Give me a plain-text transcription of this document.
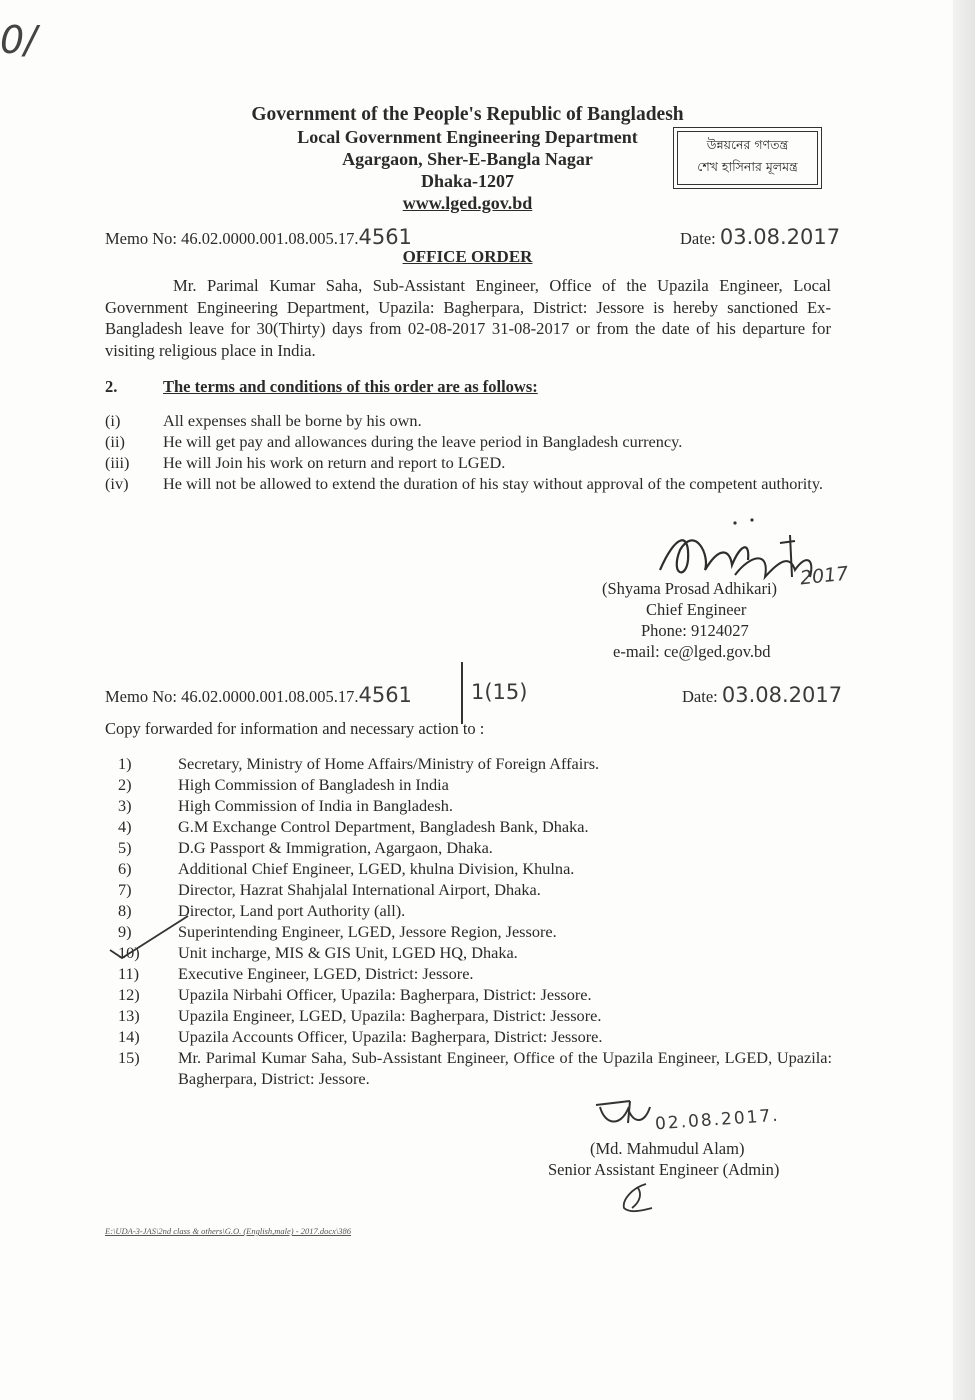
0/
Government of the People's Republic of Bangladesh
Local Government Engineering Department
Agargaon, Sher-E-Bangla Nagar
Dhaka-1207
www.lged.gov.bd
উন্নয়নের গণতন্ত্র
শেখ হাসিনার মূলমন্ত্র
Memo No: 46.02.0000.001.08.005.17.4561	Date: 03.08.2017
OFFICE ORDER

Mr. Parimal Kumar Saha, Sub-Assistant Engineer, Office of the Upazila Engineer, Local Government Engineering Department, Upazila: Bagherpara, District: Jessore is hereby sanctioned Ex-Bangladesh leave for 30(Thirty) days from 02-08-2017 31-08-2017 or from the date of his departure for visiting religious place in India.

2.	The terms and conditions of this order are as follows:
(i)	All expenses shall be borne by his own.
(ii)	He will get pay and allowances during the leave period in Bangladesh currency.
(iii)	He will Join his work on return and report to LGED.
(iv)	He will not be allowed to extend the duration of his stay without approval of the competent authority.
2017
(Shyama Prosad Adhikari)
Chief Engineer
Phone: 9124027
e-mail: ce@lged.gov.bd
Memo No: 46.02.0000.001.08.005.17.4561	1(15)	Date: 03.08.2017
Copy forwarded for information and necessary action to :
1)	Secretary, Ministry of Home Affairs/Ministry of Foreign Affairs.
2)	High Commission of Bangladesh in India
3)	High Commission of India in Bangladesh.
4)	G.M Exchange Control Department, Bangladesh Bank, Dhaka.
5)	D.G Passport & Immigration, Agargaon, Dhaka.
6)	Additional Chief Engineer, LGED, khulna Division, Khulna.
7)	Director, Hazrat Shahjalal International Airport, Dhaka.
8)	Director, Land port Authority (all).
9)	Superintending Engineer, LGED, Jessore Region, Jessore.
10)	Unit incharge, MIS & GIS Unit, LGED HQ, Dhaka.
11)	Executive Engineer, LGED, District: Jessore.
12)	Upazila Nirbahi Officer, Upazila: Bagherpara, District: Jessore.
13)	Upazila Engineer, LGED, Upazila: Bagherpara, District: Jessore.
14)	Upazila Accounts Officer, Upazila: Bagherpara, District: Jessore.
15)	Mr. Parimal Kumar Saha, Sub-Assistant Engineer, Office of the Upazila Engineer, LGED, Upazila: Bagherpara, District: Jessore.
02.08.2017.
(Md. Mahmudul Alam)
Senior Assistant Engineer (Admin)
E:\UDA-3-JAS\2nd class & others\G.O. (English,male) - 2017.docx\386
